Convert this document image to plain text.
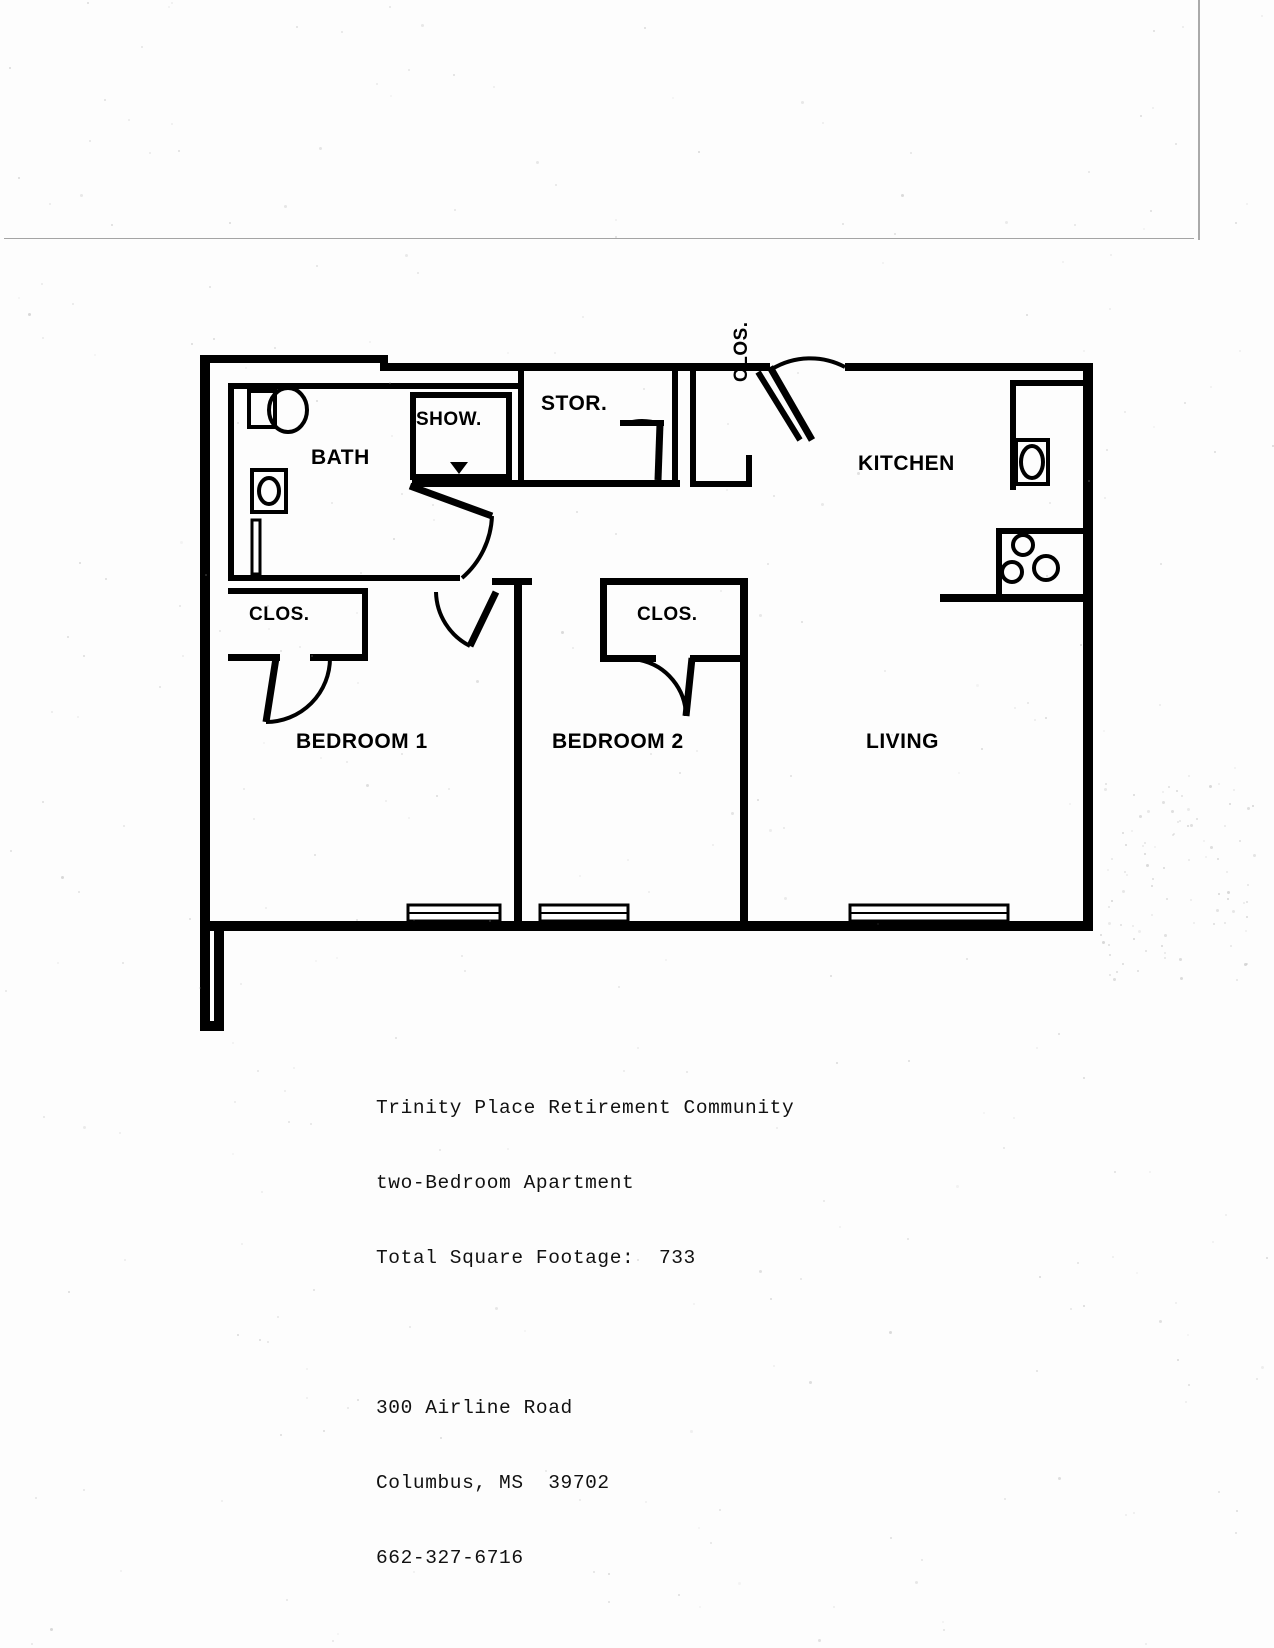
BATH
SHOW.
STOR.
CLOS.
KITCHEN
CLOS.	CLOS.
BEDROOM 1	BEDROOM 2	LIVING

Trinity Place Retirement Community

two-Bedroom Apartment

Total Square Footage:  733

300 Airline Road

Columbus, MS  39702

662-327-6716
